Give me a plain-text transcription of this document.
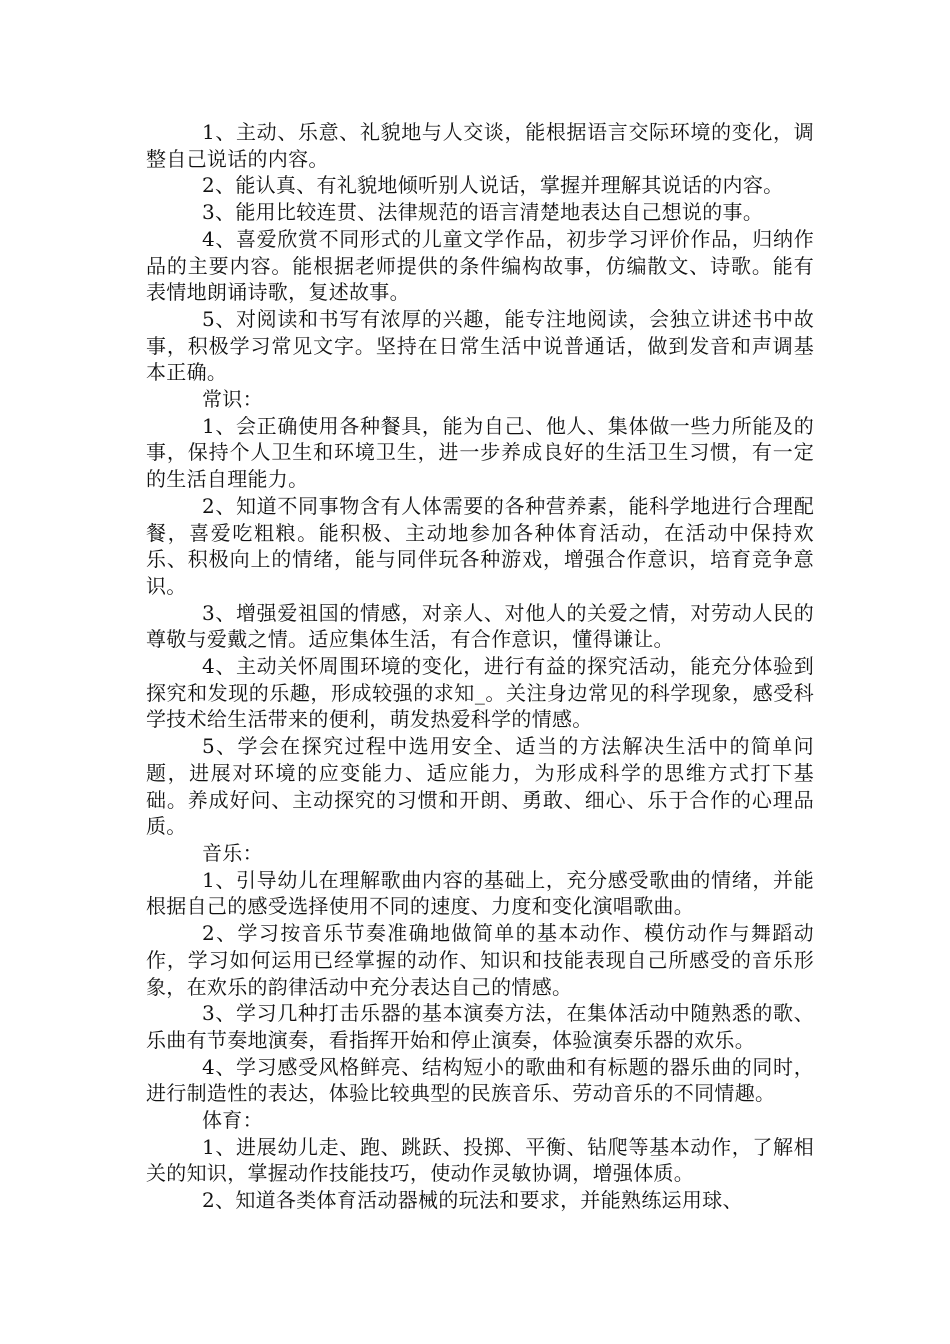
1、主动、乐意、礼貌地与人交谈，能根据语言交际环境的变化，调整自己说话的内容。

2、能认真、有礼貌地倾听别人说话，掌握并理解其说话的内容。

3、能用比较连贯、法律规范的语言清楚地表达自己想说的事。

4、喜爱欣赏不同形式的儿童文学作品，初步学习评价作品，归纳作品的主要内容。能根据老师提供的条件编构故事，仿编散文、诗歌。能有表情地朗诵诗歌，复述故事。

5、对阅读和书写有浓厚的兴趣，能专注地阅读，会独立讲述书中故事，积极学习常见文字。坚持在日常生活中说普通话，做到发音和声调基本正确。

常识：

1、会正确使用各种餐具，能为自己、他人、集体做一些力所能及的事，保持个人卫生和环境卫生，进一步养成良好的生活卫生习惯，有一定的生活自理能力。

2、知道不同事物含有人体需要的各种营养素，能科学地进行合理配餐，喜爱吃粗粮。能积极、主动地参加各种体育活动，在活动中保持欢乐、积极向上的情绪，能与同伴玩各种游戏，增强合作意识，培育竞争意识。

3、增强爱祖国的情感，对亲人、对他人的关爱之情，对劳动人民的尊敬与爱戴之情。适应集体生活，有合作意识，懂得谦让。

4、主动关怀周围环境的变化，进行有益的探究活动，能充分体验到探究和发现的乐趣，形成较强的求知_。关注身边常见的科学现象，感受科学技术给生活带来的便利，萌发热爱科学的情感。

5、学会在探究过程中选用安全、适当的方法解决生活中的简单问题，进展对环境的应变能力、适应能力，为形成科学的思维方式打下基础。养成好问、主动探究的习惯和开朗、勇敢、细心、乐于合作的心理品质。

音乐：

1、引导幼儿在理解歌曲内容的基础上，充分感受歌曲的情绪，并能根据自己的感受选择使用不同的速度、力度和变化演唱歌曲。

2、学习按音乐节奏准确地做简单的基本动作、模仿动作与舞蹈动作，学习如何运用已经掌握的动作、知识和技能表现自己所感受的音乐形象，在欢乐的韵律活动中充分表达自己的情感。

3、学习几种打击乐器的基本演奏方法，在集体活动中随熟悉的歌、乐曲有节奏地演奏，看指挥开始和停止演奏，体验演奏乐器的欢乐。

4、学习感受风格鲜亮、结构短小的歌曲和有标题的器乐曲的同时，进行制造性的表达，体验比较典型的民族音乐、劳动音乐的不同情趣。

体育：

1、进展幼儿走、跑、跳跃、投掷、平衡、钻爬等基本动作，了解相关的知识，掌握动作技能技巧，使动作灵敏协调，增强体质。

2、知道各类体育活动器械的玩法和要求，并能熟练运用球、
